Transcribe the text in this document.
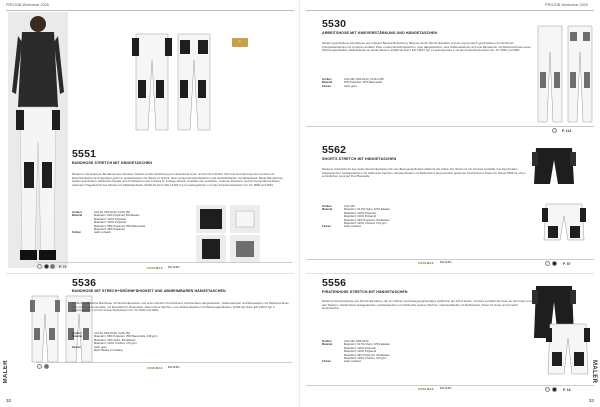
PROJOB Workwear 2025
★
5551
BUNDHOSE STRETCH MIT HÄNGETASCHEN
Moderne und bequeme Bundhose aus robustem Stretch mit der Abstützung am Hosenbund innen und Komfort-Schritt. Die Knie sind als Inlay aus Cordura mit Einschubtasche für Kniepolster geformt. Holstertaschen für Weste im Schritt. Zwei vordere Einschubtaschen und Gürtelschlaufen mit Reflexband. Beide Beintaschen stärker geschnitten. Zahlreiche Details und Fronttaschen aus Cordura im 4-Wege-Stretch verstärkt. Die sportliche, moderne Passform und der Komfortbund bieten optimalen Tragekomfort bei Arbeiten im Malerhandwerk. Erfüllt die Norm EN 14404 Typ 2 Leistungsstufe 1 mit den Knieschutzpolstern Art.-Nr. 9060 und 9061.
Größen	C44-62, D84-D120, C146-156
Material	Material 1: 92% Polyamid, 8% Elastan
Material 2: 100% Polyester
Material 3: 100% Polyamid
Material 4: 58% Polyamid, 35% Baumwolle
Material 5: 99% Polyamid
Farben	weiß, schwarz
P. 71	COOLMAX EN 14404
5536
BUNDHOSE MIT STRECH+DRÖHNFÄHIGKEIT UND ABNEHMBAREN HÄNGETASCHEN
Moderne, praktische Bundhose mit Stretch-Einsätzen und einem leichten Komfortbund. Abnehmbare Hängetaschen, Holstertaschen und Beintaschen mit Reißverschluss. Knie mit Cordura verstärkt, mit Einschub für Kniepolster. Zwei hintere Taschen, eine Zollstocktasche und Werkzeugschlaufen. Erfüllt die Norm EN 14404 Typ 2 Leistungsstufe 1 mit den Knieschutzpolstern Art.-Nr. 9060 und 9061.
Größen	C44-62, D84-D120, C146-156
Material	Material 1: 65% Polyester, 35% Baumwolle, 245 g/m²
Material 2: 92% Nylon, 8% Elastan
Material 3: 100% Cordura, 270 g/m²
Farben	weiß, grau
Mehr Details im Katalog
COOLMAX EN 14404
MALER
32
PROJOB Workwear 2025
5530
ARBEITSHOSE MIT KNIEVERSTÄRKUNG UND HÄNGETASCHEN
Modern geschnittene Arbeitshose aus robuster Baumwollmischung. Bequem durch Stretch-Einsätze und ein ergonomisch geschnittener Komfortbund. Kniepolstertaschen mit Cordura verstärkt. Zwei vordere Einschubtaschen, zwei Hängetaschen, eine Zollstocktasche und eine Beintasche mit Reißverschluss sowie Werkzeugschlaufen. Reflexbänder an beiden Beinen. Erfüllt die Norm EN 14404 Typ 2 Leistungsstufe 1 mit den Knieschutzpolstern Art.-Nr. 9060 und 9061.
Größen	C44-C62, D84-D120, C146-C156
Material	65% Polyester, 35% Baumwolle
Farben	weiß, grau
P. 114
5562
SHORTS STRETCH MIT HÄNGETASCHEN
Moderne Arbeitsshorts aus vielen Stretch-Einsätzen für eine Bewegungsfreiheit während der Arbeit. Die Shorts ist mit Cordura verstärkt, hat abnehmbare Hängetaschen, Holstertaschen und zahlreiche Taschen. Gürtelschlaufen mit Reflexband. Ergonomisch geformter Komfortbund. Passt zur Weste 5556 für einen einheitlichen Look auf Ihrer Baustelle.
Größen	C44-C62
Material	Material 1: 91,5% Nylon, 8,5% Elastan
Material 2: 100% Polyester
Material 3: 100% Polyamid
Material 4: 93% Polyamid, 3% Elastan
Material 5: 100% Cordura, 270 g/m²
Farben	weiß, schwarz
COOLMAX EN 14404	P. 57
5556
PIRATENHOSE STRETCH MIT HÄNGETASCHEN
Moderne Dreiviertelhose aus Stretch-Einsätzen, die ein offenes und bewegungsfreudiges Gefühl bei der Arbeit bieten. Cordura verstärkt die Hose an den Knien und den Taschen. Abnehmbare Hängetaschen, Holstertaschen und zahlreiche weitere Taschen. Gürtelschlaufen mit Reflexband. Passt zur Serie und ist leicht kombinierbar.
Größen	C44-C62, D84-D120
Material	Material 1: 91,5% Nylon, 8,5% Elastan
Material 2: 100% Polyester
Material 3: 100% Polyamid
Material 4: 93% Polyamid, 3% Elastan
Material 5: 100% Cordura, 270 g/m²
Farben	weiß, schwarz
COOLMAX EN 14404	P. 16
MALER
33
